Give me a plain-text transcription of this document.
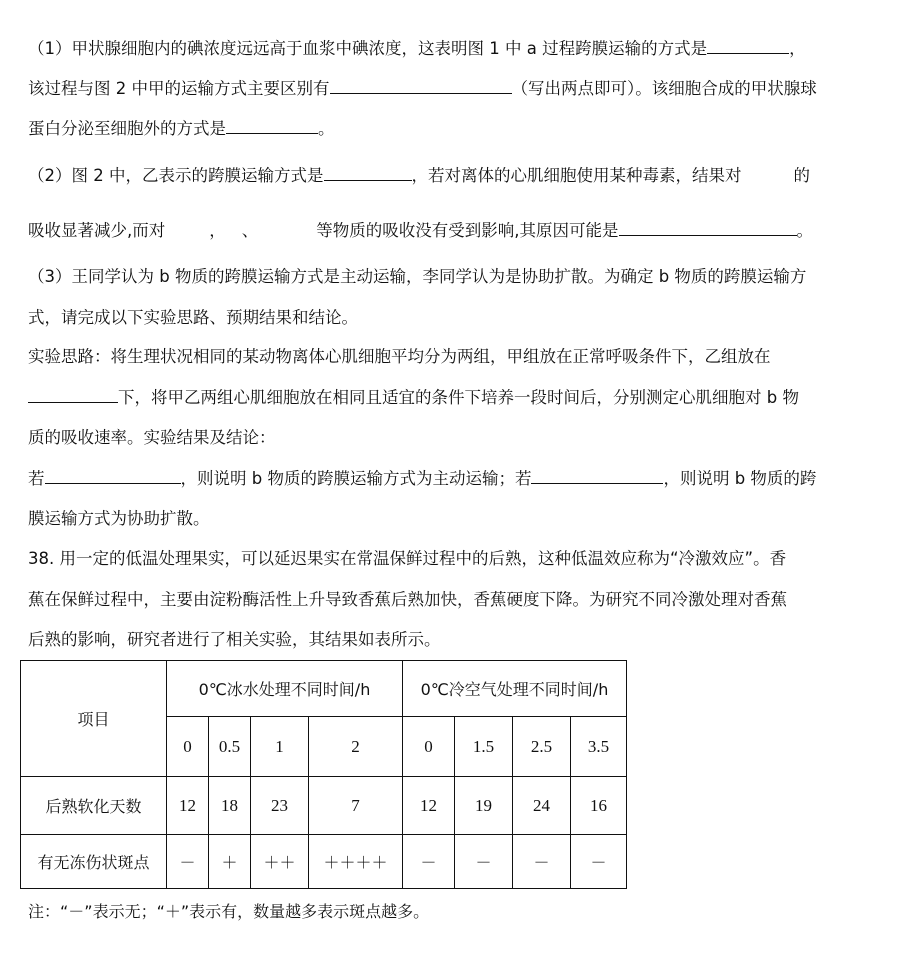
（1）甲状腺细胞内的碘浓度远远高于血浆中碘浓度，这表明图 1 中 a 过程跨膜运输的方式是	，
该过程与图 2 中甲的运输方式主要区别有	（写出两点即可）。该细胞合成的甲状腺球
蛋白分泌至细胞外的方式是	。
（2）图 2 中，乙表示的跨膜运输方式是	，若对离体的心肌细胞使用某种毒素，结果对	的
吸收显著减少,而对	， 、	等物质的吸收没有受到影响,其原因可能是	。
（3）王同学认为 b 物质的跨膜运输方式是主动运输，李同学认为是协助扩散。为确定 b 物质的跨膜运输方
式，请完成以下实验思路、预期结果和结论。
实验思路：将生理状况相同的某动物离体心肌细胞平均分为两组，甲组放在正常呼吸条件下，乙组放在
下，将甲乙两组心肌细胞放在相同且适宜的条件下培养一段时间后，分别测定心肌细胞对 b 物
质的吸收速率。实验结果及结论：
若	，则说明 b 物质的跨膜运输方式为主动运输；若	，则说明 b 物质的跨
膜运输方式为协助扩散。
38. 用一定的低温处理果实，可以延迟果实在常温保鲜过程中的后熟，这种低温效应称为“冷激效应”。香
蕉在保鲜过程中，主要由淀粉酶活性上升导致香蕉后熟加快，香蕉硬度下降。为研究不同冷激处理对香蕉
后熟的影响，研究者进行了相关实验，其结果如表所示。
项目	0℃冰水处理不同时间/h				0℃冷空气处理不同时间/h			
	0	0.5	1	2	0	1.5	2.5	3.5
后熟软化天数	12	18	23	7	12	19	24	16
有无冻伤状斑点	－	＋	＋＋	＋＋＋＋	－	－	－	－
注：“－”表示无；“＋”表示有，数量越多表示斑点越多。
